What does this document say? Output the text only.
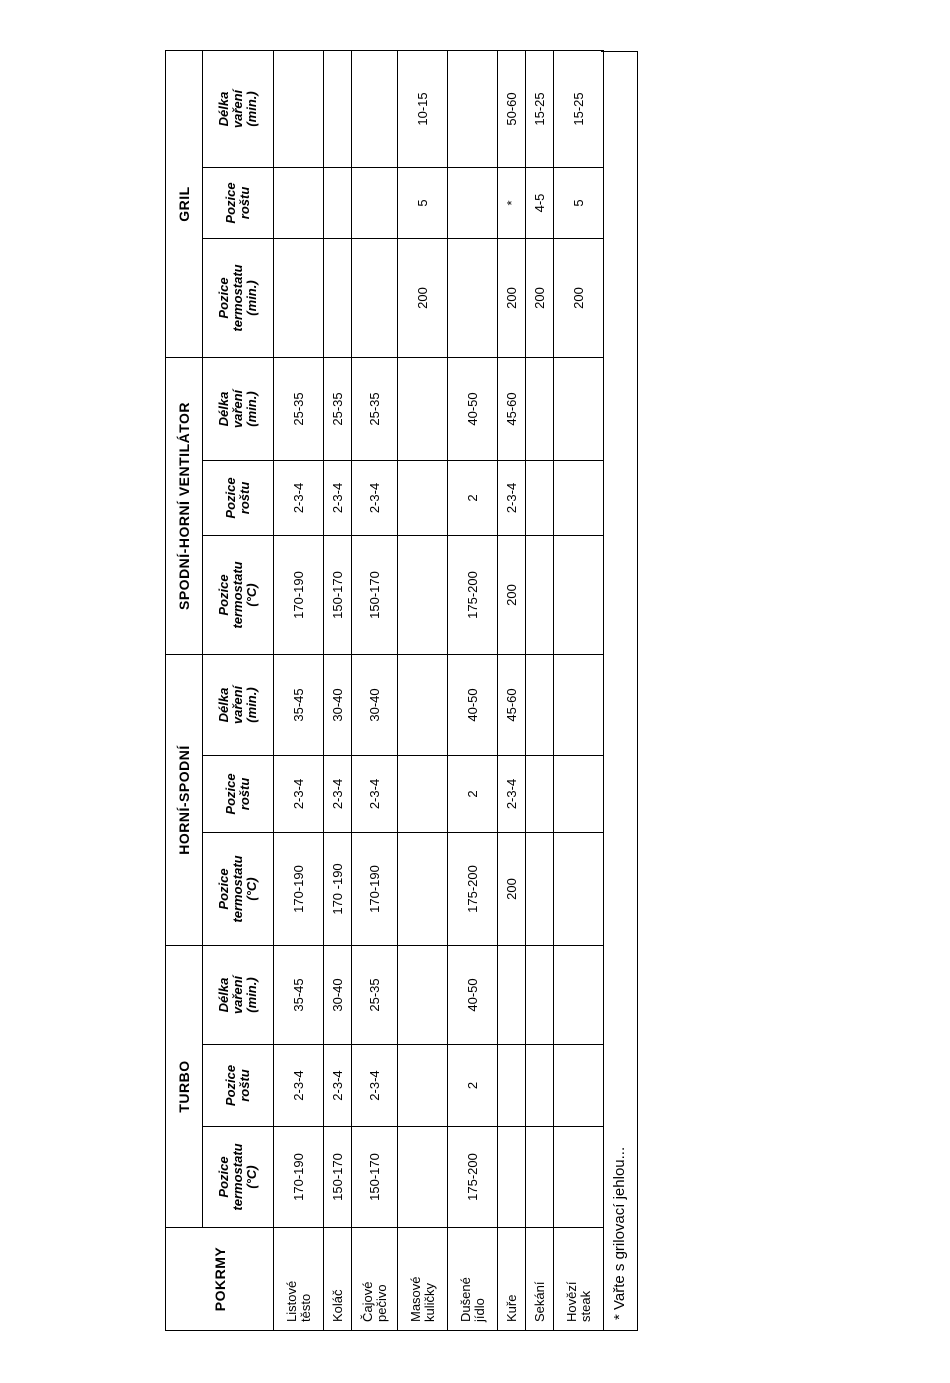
POKRMY	TURBO			HORNÍ-SPODNÍ			SPODNÍ-HORNÍ VENTILÁTOR			GRIL		
	Pozice
termostatu
(°C)	Pozice
roštu	Délka
vaření
(min.)	Pozice
termostatu
(°C)	Pozice
roštu	Délka
vaření
(min.)	Pozice
termostatu
(°C)	Pozice
roštu	Délka
vaření
(min.)	Pozice
termostatu
(min.)	Pozice
roštu	Délka
vaření
(min.)
Listové
těsto	170-190	2-3-4	35-45	170-190	2-3-4	35-45	170-190	2-3-4	25-35			
Koláč	150-170	2-3-4	30-40	170 -190	2-3-4	30-40	150-170	2-3-4	25-35			
Čajové
pečivo	150-170	2-3-4	25-35	170-190	2-3-4	30-40	150-170	2-3-4	25-35			
Masové
kuličky										200	5	10-15
Dušené
jídlo	175-200	2	40-50	175-200	2	40-50	175-200	2	40-50			
Kuře				200	2-3-4	45-60	200	2-3-4	45-60	200	*	50-60
Sekání										200	4-5	15-25
Hovězí
steak										200	5	15-25
* Vařte s grilovací jehlou...
